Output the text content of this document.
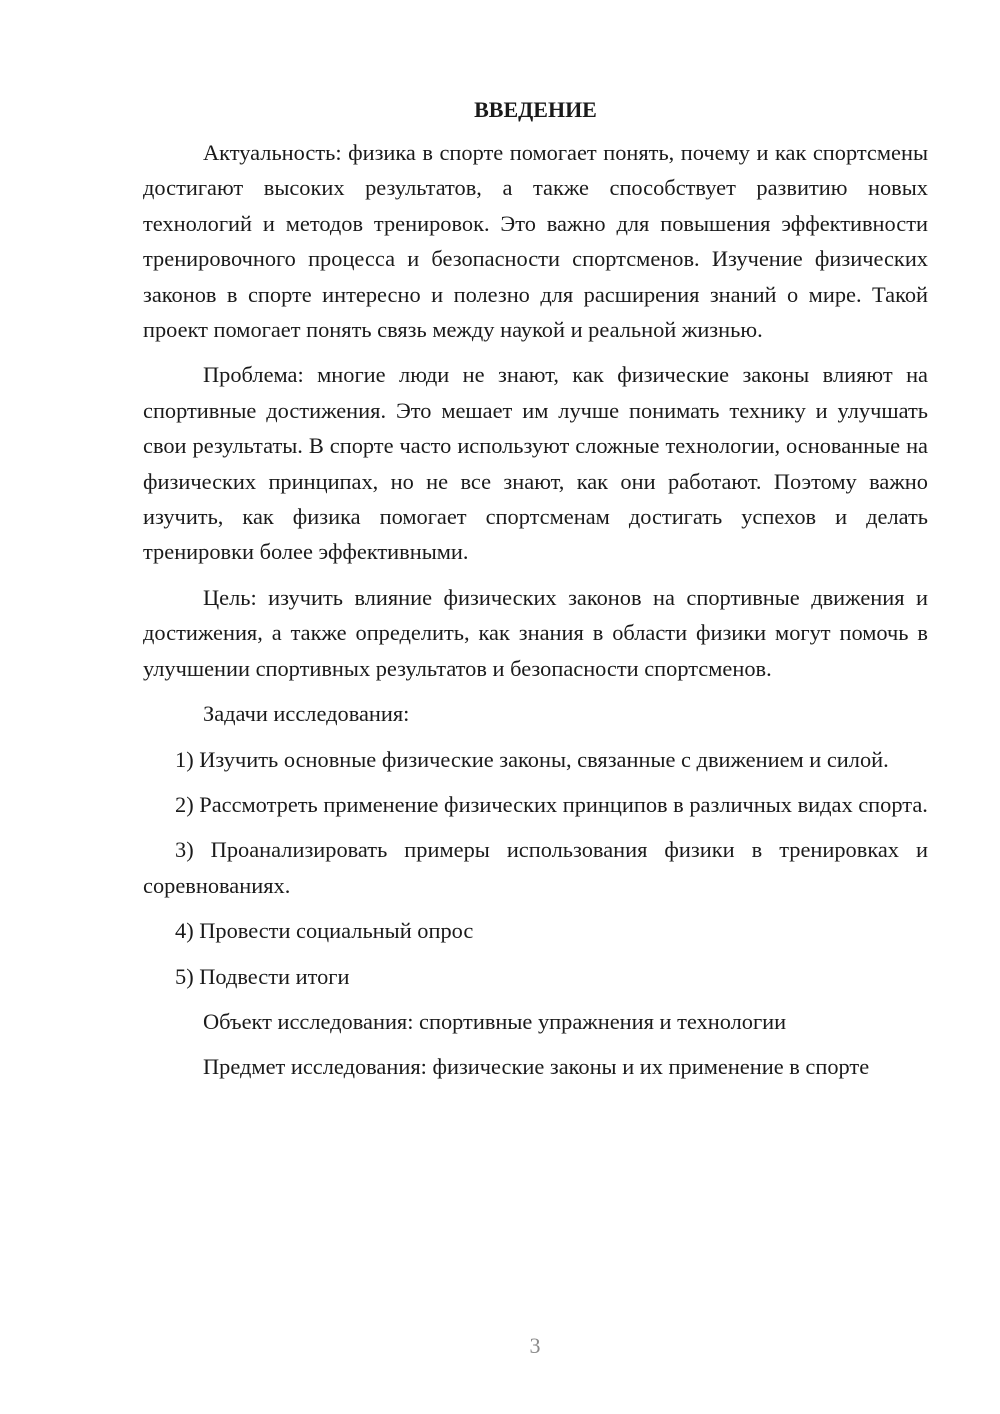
ВВЕДЕНИЕ

Актуальность: физика в спорте помогает понять, почему и как спортсмены достигают высоких результатов, а также способствует развитию новых технологий и методов тренировок. Это важно для повышения эффективности тренировочного процесса и безопасности спортсменов. Изучение физических законов в спорте интересно и полезно для расширения знаний о мире. Такой проект помогает понять связь между наукой и реальной жизнью.

Проблема: многие люди не знают, как физические законы влияют на спортивные достижения. Это мешает им лучше понимать технику и улучшать свои результаты. В спорте часто используют сложные технологии, основанные на физических принципах, но не все знают, как они работают. Поэтому важно изучить, как физика помогает спортсменам достигать успехов и делать тренировки более эффективными.

Цель: изучить влияние физических законов на спортивные движения и достижения, а также определить, как знания в области физики могут помочь в улучшении спортивных результатов и безопасности спортсменов.

Задачи исследования:

1) Изучить основные физические законы, связанные с движением и силой.

2) Рассмотреть применение физических принципов в различных видах спорта.

3) Проанализировать примеры использования физики в тренировках и соревнованиях.

4) Провести социальный опрос

5) Подвести итоги

Объект исследования: спортивные упражнения и технологии

Предмет исследования: физические законы и их применение в спорте

3
